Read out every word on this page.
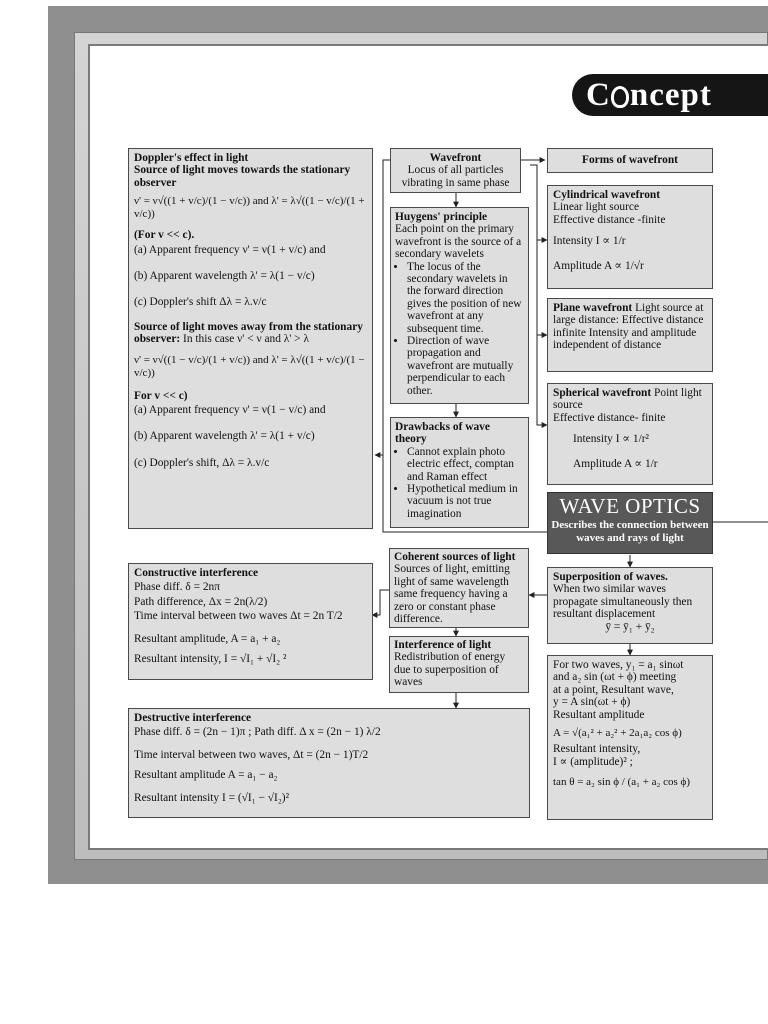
C ncept
Doppler's effect in light
Source of light moves towards the stationary observer
ν' = ν√((1 + v/c)/(1 − v/c)) and λ' = λ√((1 − v/c)/(1 + v/c))
(For v << c).
(a) Apparent frequency ν' = ν(1 + v/c) and
(b) Apparent wavelength λ' = λ(1 − v/c)
(c) Doppler's shift Δλ = λ.v/c
Source of light moves away from the stationary observer: In this case ν' < ν and λ' > λ
ν' = ν√((1 − v/c)/(1 + v/c)) and λ' = λ√((1 + v/c)/(1 − v/c))
For v << c)
(a) Apparent frequency ν' = ν(1 − v/c) and
(b) Apparent wavelength λ' = λ(1 + v/c)
(c) Doppler's shift, Δλ = λ.v/c
Wavefront
Locus of all particles vibrating in same phase
Forms of wavefront
Cylindrical wavefront
Linear light source
Effective distance -finite
Intensity I ∝ 1/r
Amplitude A ∝ 1/√r
Huygens' principle
Each point on the primary wavefront is the source of a secondary wavelets
• The locus of the secondary wavelets in the forward direction gives the position of new wavefront at any subsequent time.
• Direction of wave propagation and wavefront are mutually perpendicular to each other.
Plane wavefront Light source at large distance: Effective distance infinite Intensity and amplitude independent of distance
Spherical wavefront Point light source
Effective distance- finite
Intensity I ∝ 1/r²
Amplitude A ∝ 1/r
Drawbacks of wave theory
• Cannot explain photo electric effect, comptan and Raman effect
• Hypothetical medium in vacuum is not true imagination	WAVE OPTICS
Describes the connection between waves and rays of light
Constructive interference
Phase diff. δ = 2nπ
Path difference, Δx = 2n(λ/2)
Time interval between two waves Δt = 2n T/2
Resultant amplitude, A = a₁ + a₂
Resultant intensity, I = √I₁ + √I₂ ²
Coherent sources of light
Sources of light, emitting light of same wavelength same frequency having a zero or constant phase difference.
Superposition of waves.
When two similar waves propagate simultaneously then resultant displacement
ȳ = ȳ₁ + ȳ₂
Interference of light
Redistribution of energy due to superposition of waves
For two waves, y₁ = a₁ sinωt
and a₂ sin (ωt + ϕ) meeting
at a point, Resultant wave,
y = A sin(ωt + ϕ)
Resultant amplitude
A = √(a₁² + a₂² + 2a₁a₂ cos ϕ)
Resultant intensity,
I ∝ (amplitude)² ;
tan θ = a₂ sin ϕ / (a₁ + a₂ cos ϕ)
Destructive interference
Phase diff. δ = (2n − 1)π ; Path diff. Δ x = (2n − 1) λ/2
Time interval between two waves, Δt = (2n − 1)T/2
Resultant amplitude A = a₁ − a₂
Resultant intensity I = (√I₁ − √I₂)²
